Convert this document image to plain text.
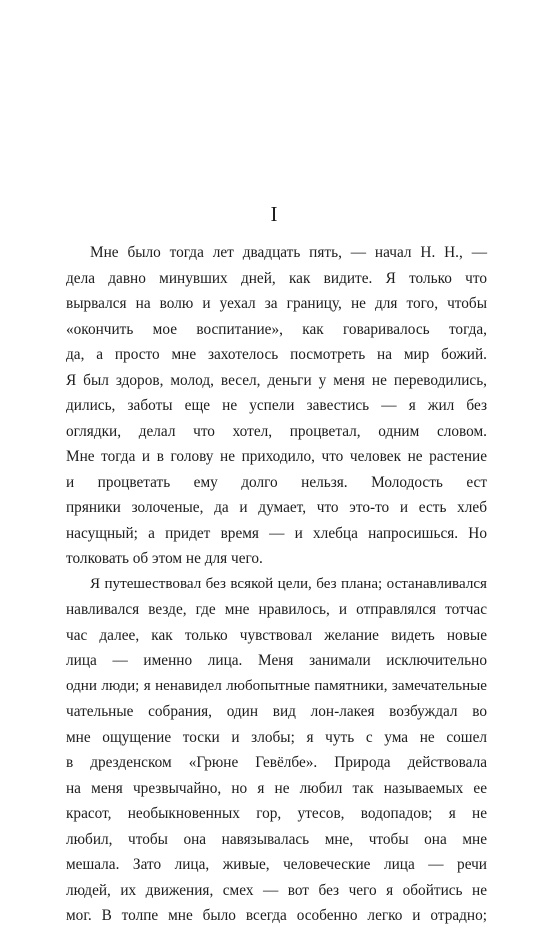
I
Мне было тогда лет двадцать пять, — начал Н. Н., —
дела давно минувших дней, как видите. Я только что
вырвался на волю и уехал за границу, не для того, чтобы
«окончить мое воспитание», как говаривалось тогда,
да, а просто мне захотелось посмотреть на мир божий.
Я был здоров, молод, весел, деньги у меня не переводились,
дились, заботы еще не успели завестись — я жил без
оглядки, делал что хотел, процветал, одним словом.
Мне тогда и в голову не приходило, что человек не растение
и процветать ему долго нельзя. Молодость ест
пряники золоченые, да и думает, что это-то и есть хлеб
насущный; а придет время — и хлебца напросишься. Но
толковать об этом не для чего.
Я путешествовал без всякой цели, без плана; останавливался
навливался везде, где мне нравилось, и отправлялся тотчас
час далее, как только чувствовал желание видеть новые
лица — именно лица. Меня занимали исключительно
одни люди; я ненавидел любопытные памятники, замечательные
чательные собрания, один вид лон-лакея возбуждал во
мне ощущение тоски и злобы; я чуть с ума не сошел
в дрезденском «Грюне Гевёлбе». Природа действовала
на меня чрезвычайно, но я не любил так называемых ее
красот, необыкновенных гор, утесов, водопадов; я не
любил, чтобы она навязывалась мне, чтобы она мне
мешала. Зато лица, живые, человеческие лица — речи
людей, их движения, смех — вот без чего я обойтись не
мог. В толпе мне было всегда особенно легко и отрадно;
